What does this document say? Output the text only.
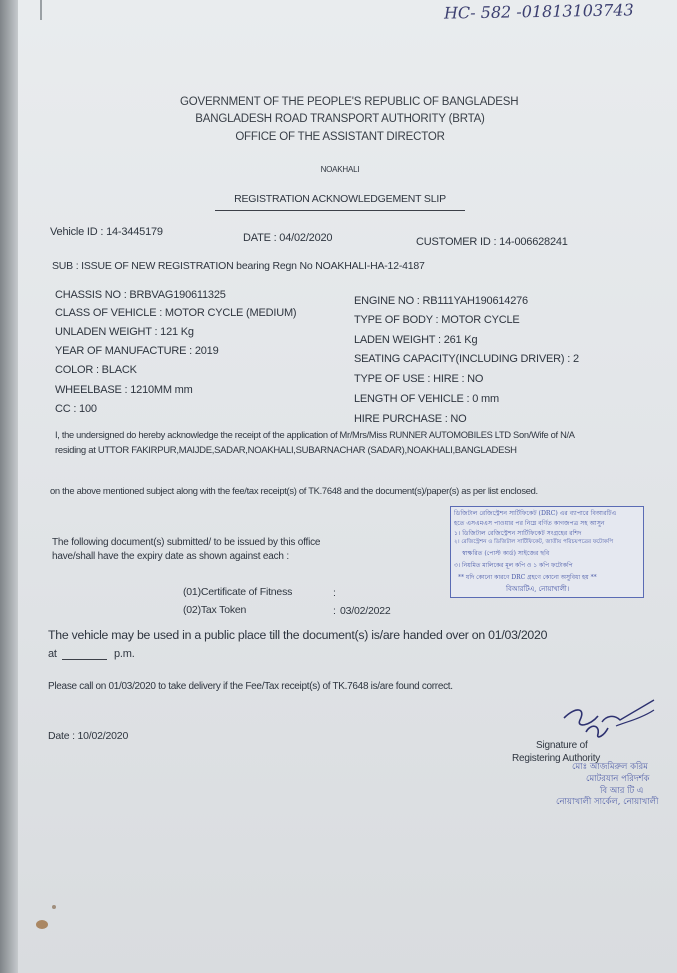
HC- 582 -01813103743
GOVERNMENT OF THE PEOPLE'S REPUBLIC OF BANGLADESH
BANGLADESH ROAD TRANSPORT AUTHORITY (BRTA)
OFFICE OF THE ASSISTANT DIRECTOR
NOAKHALI
REGISTRATION ACKNOWLEDGEMENT SLIP
Vehicle ID : 14-3445179	DATE : 04/02/2020	CUSTOMER ID : 14-006628241
SUB : ISSUE OF NEW REGISTRATION bearing Regn No NOAKHALI-HA-12-4187
CHASSIS NO : BRBVAG190611325
CLASS OF VEHICLE : MOTOR CYCLE (MEDIUM)
UNLADEN WEIGHT : 121 Kg
YEAR OF MANUFACTURE : 2019
COLOR : BLACK
WHEELBASE : 1210MM mm
CC : 100
ENGINE NO : RB111YAH190614276
TYPE OF BODY : MOTOR CYCLE
LADEN WEIGHT : 261 Kg
SEATING CAPACITY(INCLUDING DRIVER) : 2
TYPE OF USE : HIRE : NO
LENGTH OF VEHICLE : 0 mm
HIRE PURCHASE : NO
I, the undersigned do hereby acknowledge the receipt of the application of Mr/Mrs/Miss RUNNER AUTOMOBILES LTD Son/Wife of N/A
residing at UTTOR FAKIRPUR,MAIJDE,SADAR,NOAKHALI,SUBARNACHAR (SADAR),NOAKHALI,BANGLADESH
on the above mentioned subject along with the fee/tax receipt(s) of TK.7648 and the document(s)/paper(s) as per list enclosed.
The following document(s) submitted/ to be issued by this office
have/shall have the expiry date as shown against each :
(01)Certificate of Fitness	:
(02)Tax Token	: 03/02/2022
ডিজিটাল রেজিস্ট্রেশন সার্টিফিকেট (DRC) এর ব্যাপারে বিআরটিএ
হতে এসএমএস পাওয়ার পর নিম্নে বর্ণিত কাগজপত্র সহ আসুন
১। ডিজিটাল রেজিস্ট্রেশন সার্টিফিকেট সংগ্রহের রশিদ
২। রেজিস্ট্রেশন ও ডিজিটাল সার্টিফিকেট, জাতীয় পরিচয়পত্রের ফটোকপি
স্বাক্ষরিত (পোস্ট কার্ড) সাইজের ছবি
৩। নিয়মিত মালিকের মূল কপি ও ১ কপি ফটোকপি
** যদি কোনো কারণে DRC গ্রহণে কোনো অসুবিধা হয় **
বিআরটিএ, নোয়াখালী।
The vehicle may be used in a public place till the document(s) is/are handed over on 01/03/2020
at	p.m.
Please call on 01/03/2020 to take delivery if the Fee/Tax receipt(s) of TK.7648 is/are found correct.
Date : 10/02/2020
Signature of
Registering Authority
মোঃ আজমিরুল করিম
মোটরযান পরিদর্শক
বি আর টি এ
নোয়াখালী সার্কেল, নোয়াখালী
